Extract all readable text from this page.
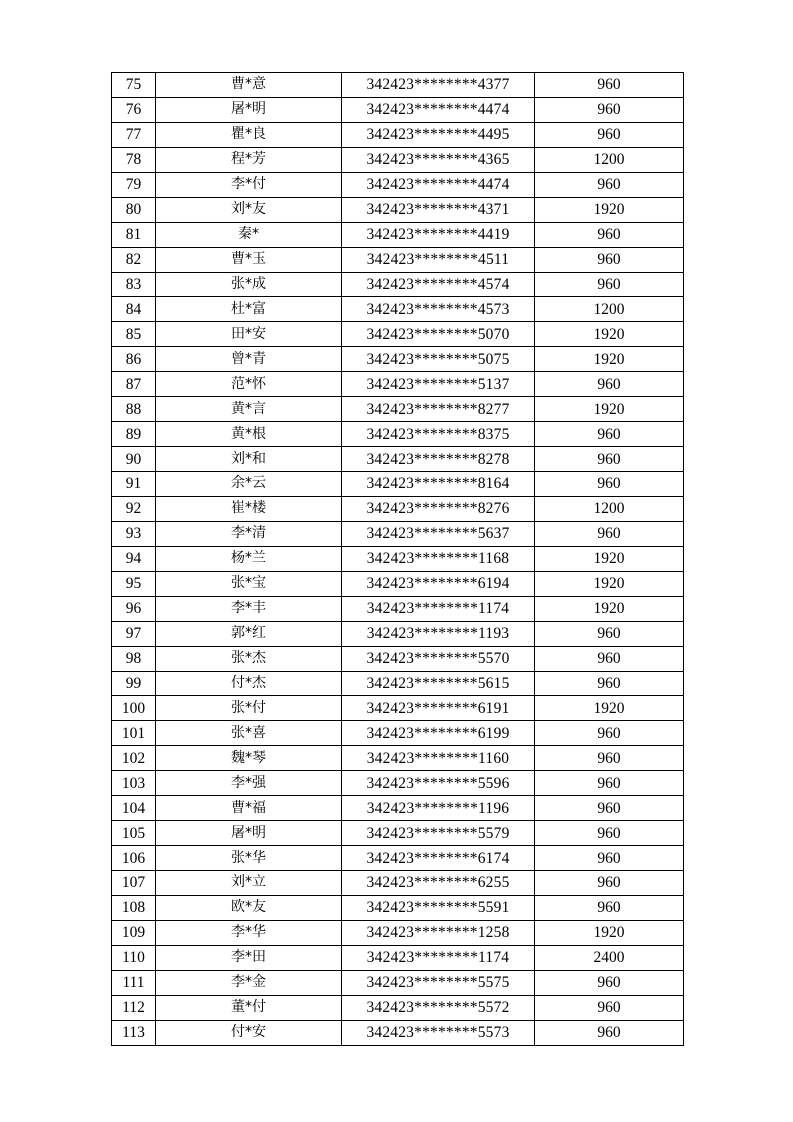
75	曹*意	342423********4377	960
76	屠*明	342423********4474	960
77	瞿*良	342423********4495	960
78	程*芳	342423********4365	1200
79	李*付	342423********4474	960
80	刘*友	342423********4371	1920
81	秦*	342423********4419	960
82	曹*玉	342423********4511	960
83	张*成	342423********4574	960
84	杜*富	342423********4573	1200
85	田*安	342423********5070	1920
86	曾*青	342423********5075	1920
87	范*怀	342423********5137	960
88	黄*言	342423********8277	1920
89	黄*根	342423********8375	960
90	刘*和	342423********8278	960
91	余*云	342423********8164	960
92	崔*楼	342423********8276	1200
93	李*清	342423********5637	960
94	杨*兰	342423********1168	1920
95	张*宝	342423********6194	1920
96	李*丰	342423********1174	1920
97	郭*红	342423********1193	960
98	张*杰	342423********5570	960
99	付*杰	342423********5615	960
100	张*付	342423********6191	1920
101	张*喜	342423********6199	960
102	魏*琴	342423********1160	960
103	李*强	342423********5596	960
104	曹*福	342423********1196	960
105	屠*明	342423********5579	960
106	张*华	342423********6174	960
107	刘*立	342423********6255	960
108	欧*友	342423********5591	960
109	李*华	342423********1258	1920
110	李*田	342423********1174	2400
111	李*金	342423********5575	960
112	董*付	342423********5572	960
113	付*安	342423********5573	960
